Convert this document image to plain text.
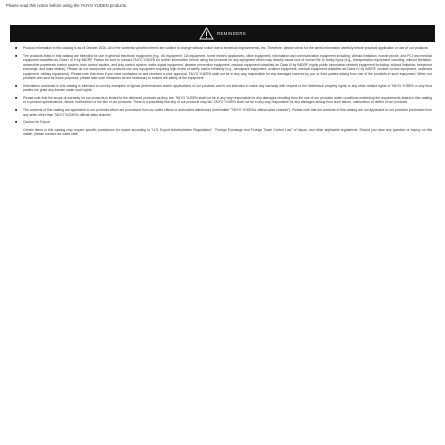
Please read this notice before using the TAIYO YUDEN products.
REMINDERS
■ Product information in this catalog is as of October 2016. All of the contents specified herein are subject to change without notice due to technical improvements, etc. Therefore, please check for the latest information carefully before practical application or use of our products.
■ The products listed in this catalog are intended for use in general electronic equipment (e.g., AV equipment, OA equipment, home electric appliances, office equipment, information and communication equipment including, without limitation, mobile phone, and PC) and medical equipment classified as Class I or II by IMDRF. Please be sure to contact TAIYO YUDEN for further information before using the products for any equipment which may directly cause loss of human life or bodily injury (e.g., transportation equipment including, without limitation, automotive powertrain control system, train control system, and ship control system, traffic signal equipment, disaster prevention equipment, medical equipment classified as Class III by IMDRF, highly public information network equipment including, without limitation, telephone exchange, and base station). Please do not incorporate our products into any equipment requiring high levels of safety and/or reliability (e.g., aerospace equipment, aviation equipment, medical equipment classified as Class IV by IMDRF, nuclear control equipment, undersea equipment, military equipment). Please note that even if you have contacted us and received a prior approval, TAIYO YUDEN shall not be in any way responsible for any damages incurred by you or third parties arising from use of the products in such equipment. When our products are used for those purposes, please take such measures as are necessary to ensure the safety of the equipment.
■ Information contained in this catalog is intended to convey examples of typical performances and/or applications of our products and is not intended to make any warranty with respect to the intellectual property rights or any other related rights of TAIYO YUDEN or any third parties nor grant any license under such rights.
■ Please note that the scope of warranty for our products is limited to the delivered products as they are. TAIYO YUDEN shall not be in any way responsible for any damages resulting from the use of our products under conditions exceeding the requirements stated in this catalog or in product specifications, failure, malfunction or the like of our products. There is a possibility that any of our products may fail. TAIYO YUDEN shall not be in any way responsible for any damages arising from such failure, malfunction or defect of our products.
■ The contents of this catalog are applicable to our products which are purchased from our sales offices or authorized distributors (hereinafter "TAIYO YUDEN's official sales channel"). Please note that the contents of this catalog are not applicable to our products purchased from any seller other than TAIYO YUDEN's official sales channel.
■ Caution for Export
Certain items in this catalog may require specific procedures for export according to "U.S. Export Administration Regulations", "Foreign Exchange and Foreign Trade Control Law" of Japan, and other applicable regulations. Should you have any question or inquiry on this matter, please contact our sales staff.
